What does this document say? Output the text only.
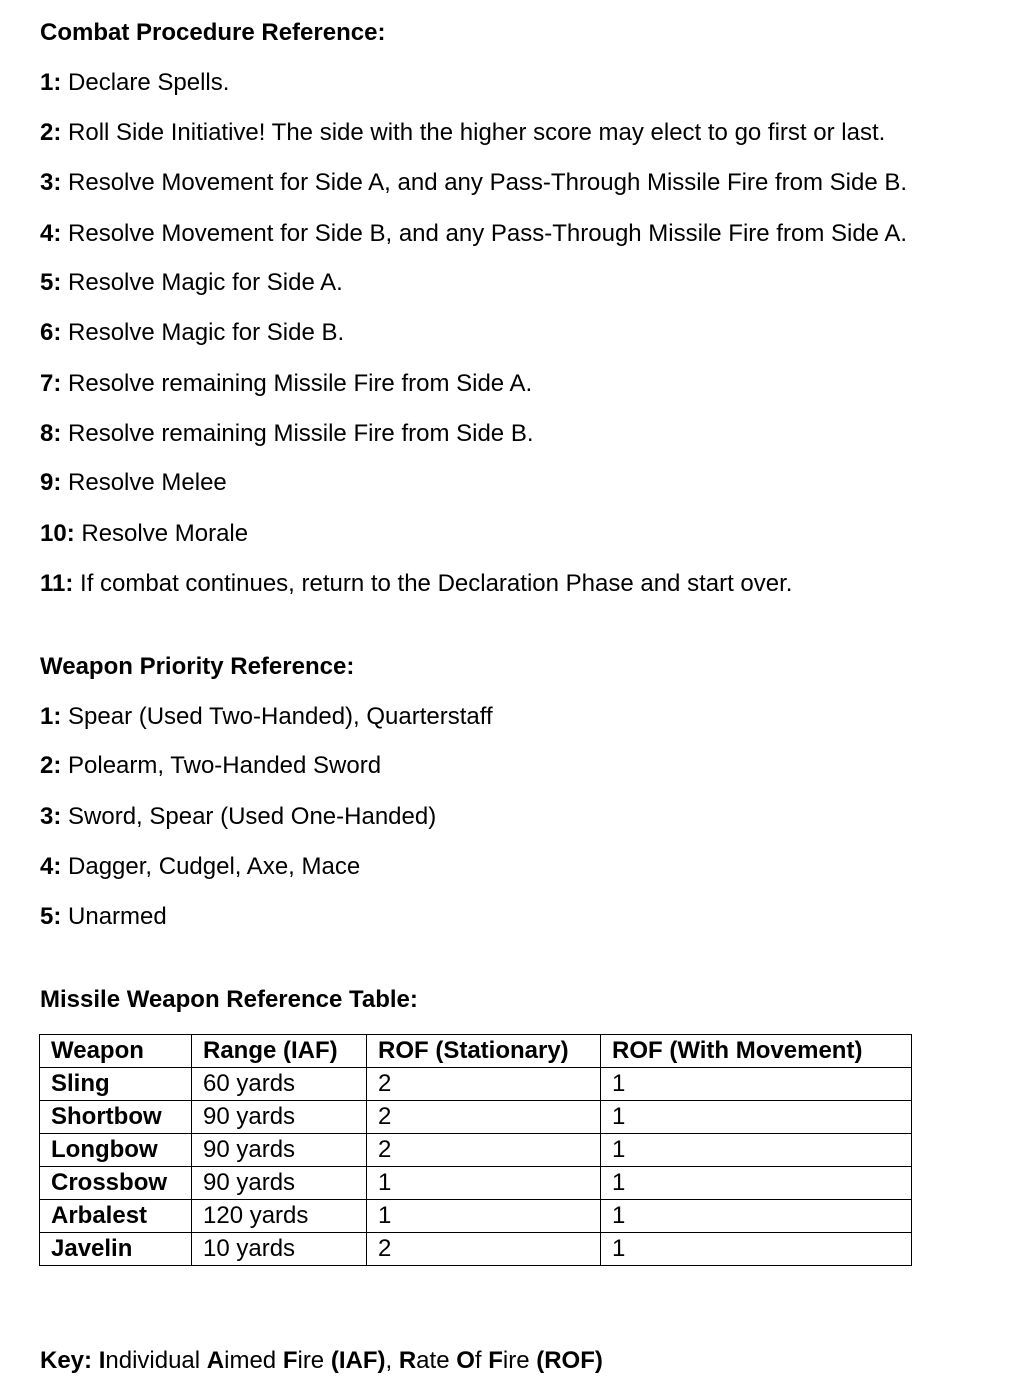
Combat Procedure Reference:

1: Declare Spells.

2: Roll Side Initiative! The side with the higher score may elect to go first or last.

3: Resolve Movement for Side A, and any Pass-Through Missile Fire from Side B.

4: Resolve Movement for Side B, and any Pass-Through Missile Fire from Side A.

5: Resolve Magic for Side A.

6: Resolve Magic for Side B.

7: Resolve remaining Missile Fire from Side A.

8: Resolve remaining Missile Fire from Side B.

9: Resolve Melee

10: Resolve Morale

11: If combat continues, return to the Declaration Phase and start over.

Weapon Priority Reference:

1: Spear (Used Two-Handed), Quarterstaff

2: Polearm, Two-Handed Sword

3: Sword, Spear (Used One-Handed)

4: Dagger, Cudgel, Axe, Mace

5: Unarmed

Missile Weapon Reference Table:
Weapon	Range (IAF)	ROF (Stationary)	ROF (With Movement)
Sling	60 yards	2	1
Shortbow	90 yards	2	1
Longbow	90 yards	2	1
Crossbow	90 yards	1	1
Arbalest	120 yards	1	1
Javelin	10 yards	2	1

Key: Individual Aimed Fire (IAF), Rate Of Fire (ROF)
